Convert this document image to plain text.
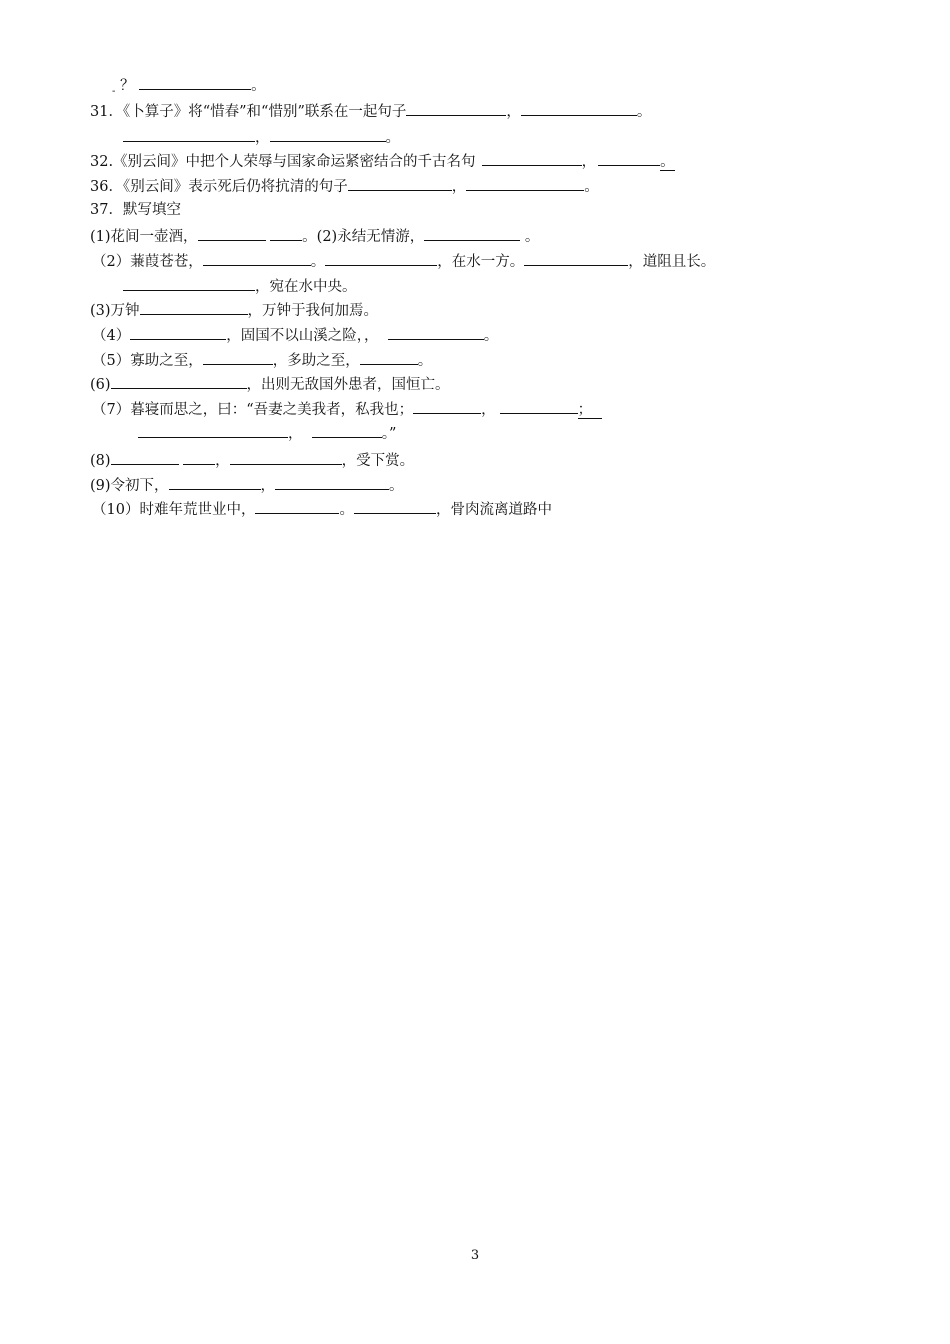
$_-$ ？	。
31．《卜算子》将“惜春”和“惜别”联系在一起句子	，	。
，	。
32.《别云间》中把个人荣辱与国家命运紧密结合的千古名句	，	。
36．《别云间》表示死后仍将抗清的句子	，	。
37．默写填空
(1)花间一壶酒，	。(2)永结无情游，	。
（2）蒹葭苍苍，	。	，在水一方。	，道阻且长。
，宛在水中央。
(3)万钟	，万钟于我何加焉。
（4）	，固国不以山溪之险，，	。
（5）寡助之至，	，多助之至，	。
(6)	，出则无敌国外患者，国恒亡。
（7）暮寝而思之，曰：“吾妻之美我者，私我也；	，	；
，	。”
(8)	，	，受下赏。
(9)令初下，	，	。
（10）时难年荒世业中，	。	，骨肉流离道路中
3
